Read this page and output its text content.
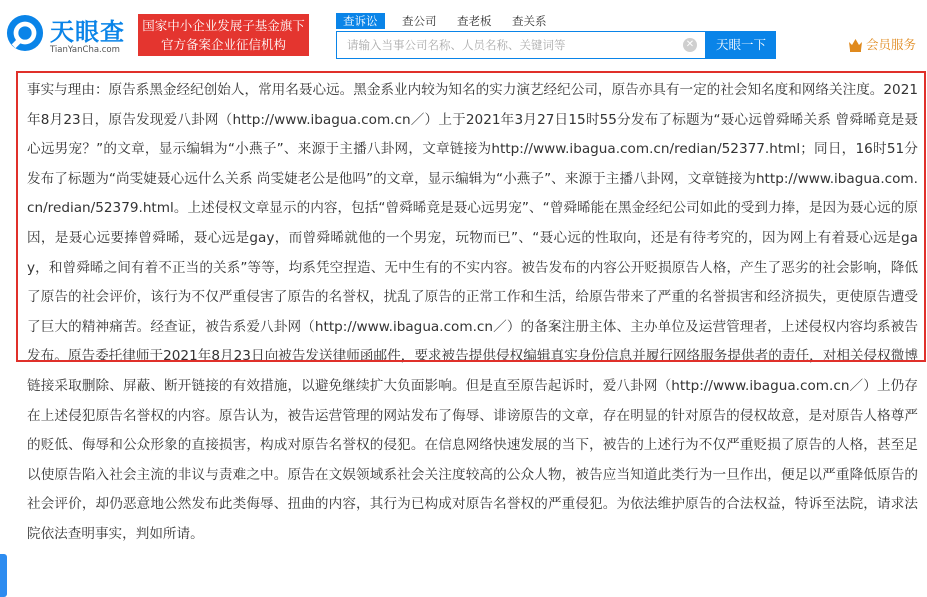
天眼查
TianYanCha.com
国家中小企业发展子基金旗下
官方备案企业征信机构
查诉讼	查公司 查老板 查关系
请输入当事公司名称、人员名称、关键词等
✕	天眼一下	会员服务

事实与理由：原告系黑金经纪创始人，常用名聂心远。黑金系业内较为知名的实力演艺经纪公司，原告亦具有一定的社会知名度和网络关注度。2021年8月23日，原告发现爱八卦网（http://www.ibagua.com.cn／）上于2021年3月27日15时55分发布了标题为“聂心远曾舜晞关系 曾舜晞竟是聂心远男宠？”的文章，显示编辑为“小燕子”、来源于主播八卦网，文章链接为http://www.ibagua.com.cn/redian/52377.html；同日，16时51分发布了标题为“尚雯婕聂心远什么关系 尚雯婕老公是他吗”的文章，显示编辑为“小燕子”、来源于主播八卦网，文章链接为http://www.ibagua.com.cn/redian/52379.html。上述侵权文章显示的内容，包括“曾舜晞竟是聂心远男宠”、“曾舜晞能在黑金经纪公司如此的受到力捧，是因为聂心远的原因，是聂心远要捧曾舜晞，聂心远是gay，而曾舜晞就他的一个男宠，玩物而已”、“聂心远的性取向，还是有待考究的，因为网上有着聂心远是gay，和曾舜晞之间有着不正当的关系”等等，均系凭空捏造、无中生有的不实内容。被告发布的内容公开贬损原告人格，产生了恶劣的社会影响，降低了原告的社会评价，该行为不仅严重侵害了原告的名誉权，扰乱了原告的正常工作和生活，给原告带来了严重的名誉损害和经济损失，更使原告遭受了巨大的精神痛苦。经查证，被告系爱八卦网（http://www.ibagua.com.cn／）的备案注册主体、主办单位及运营管理者，上述侵权内容均系被告发布。原告委托律师于2021年8月23日向被告发送律师函邮件，要求被告提供侵权编辑真实身份信息并履行网络服务提供者的责任，对相关侵权微博链接采取删除、屏蔽、断开链接的有效措施，以避免继续扩大负面影响。但是直至原告起诉时，爱八卦网（http://www.ibagua.com.cn／）上仍存在上述侵犯原告名誉权的内容。原告认为，被告运营管理的网站发布了侮辱、诽谤原告的文章，存在明显的针对原告的侵权故意，是对原告人格尊严的贬低、侮辱和公众形象的直接损害，构成对原告名誉权的侵犯。在信息网络快速发展的当下，被告的上述行为不仅严重贬损了原告的人格，甚至足以使原告陷入社会主流的非议与责难之中。原告在文娱领域系社会关注度较高的公众人物，被告应当知道此类行为一旦作出，便足以严重降低原告的社会评价，却仍恶意地公然发布此类侮辱、扭曲的内容，其行为已构成对原告名誉权的严重侵犯。为依法维护原告的合法权益，特诉至法院，请求法院依法查明事实，判如所请。
